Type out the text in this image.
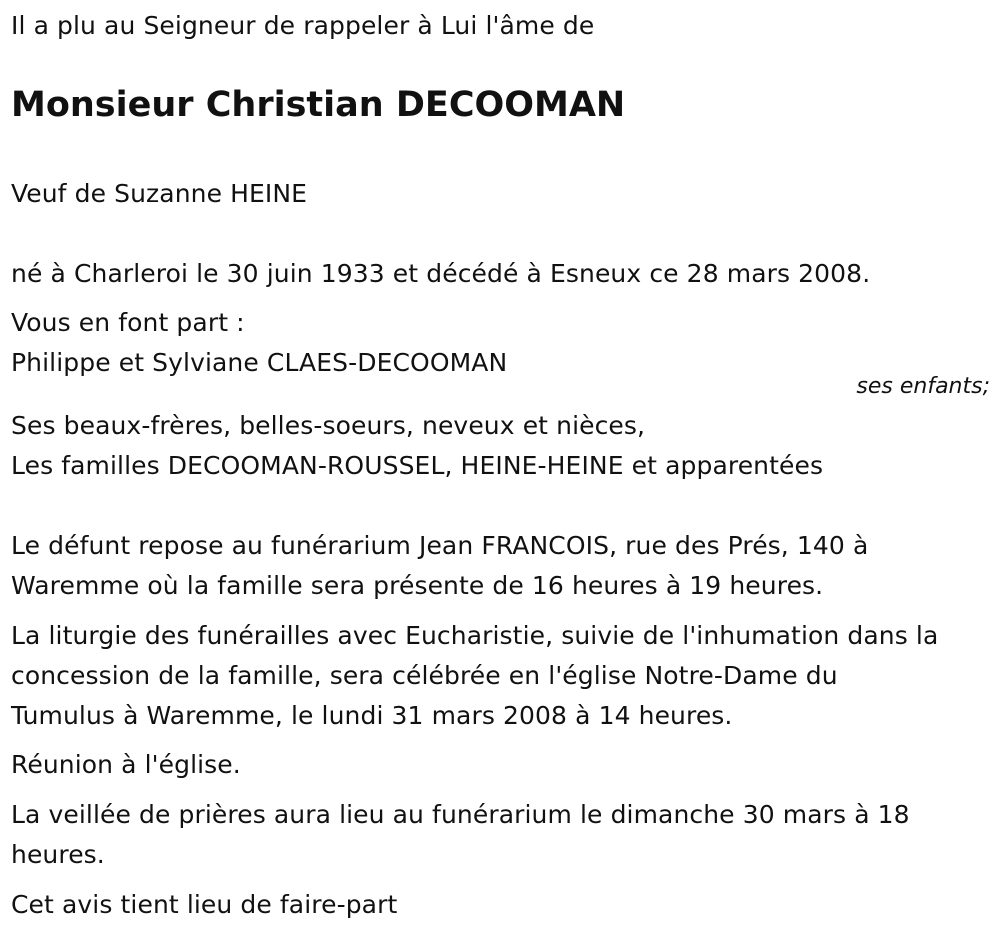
Il a plu au Seigneur de rappeler à Lui l'âme de
Monsieur Christian DECOOMAN
Veuf de Suzanne HEINE
né à Charleroi le 30 juin 1933 et décédé à Esneux ce 28 mars 2008.
Vous en font part :
Philippe et Sylviane CLAES-DECOOMAN
ses enfants;
Ses beaux-frères, belles-soeurs, neveux et nièces,
Les familles DECOOMAN-ROUSSEL, HEINE-HEINE et apparentées
Le défunt repose au funérarium Jean FRANCOIS, rue des Prés, 140 à
Waremme où la famille sera présente de 16 heures à 19 heures.
La liturgie des funérailles avec Eucharistie, suivie de l'inhumation dans la
concession de la famille, sera célébrée en l'église Notre-Dame du
Tumulus à Waremme, le lundi 31 mars 2008 à 14 heures.
Réunion à l'église.
La veillée de prières aura lieu au funérarium le dimanche 30 mars à 18
heures.
Cet avis tient lieu de faire-part
